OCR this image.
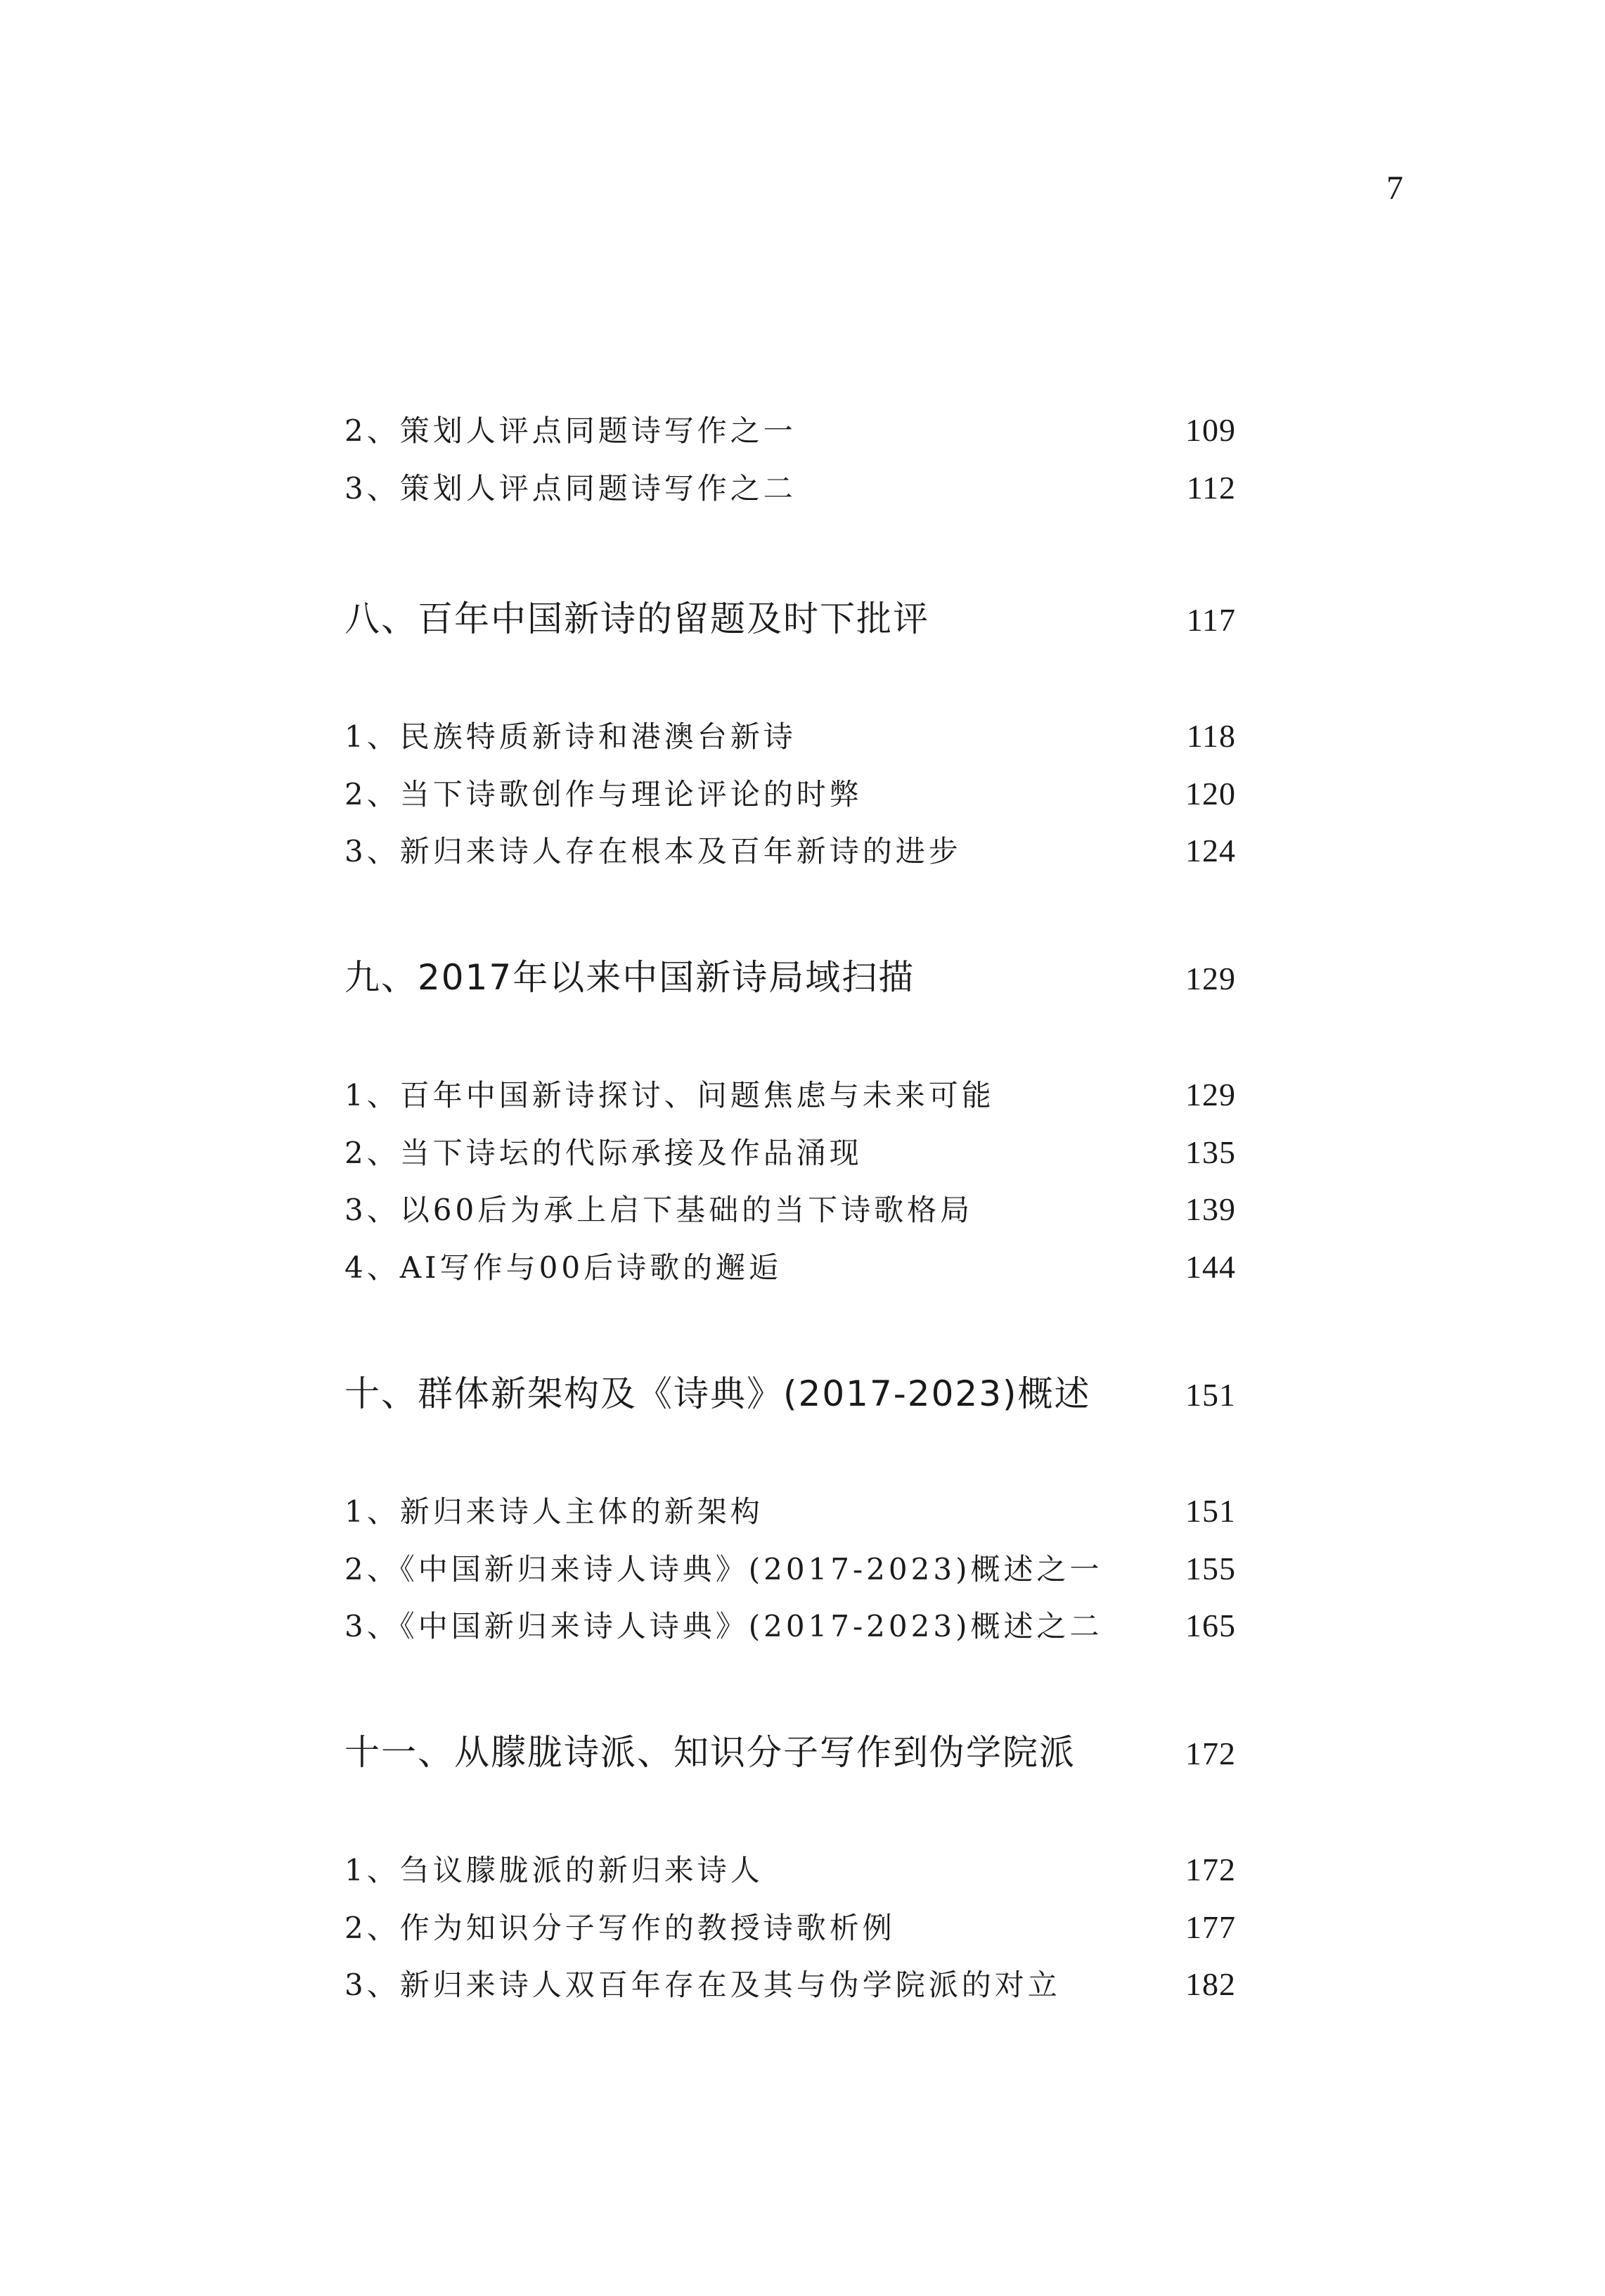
7
2、策划人评点同题诗写作之一	109
3、策划人评点同题诗写作之二	112
八、百年中国新诗的留题及时下批评	117
1、民族特质新诗和港澳台新诗	118
2、当下诗歌创作与理论评论的时弊	120
3、新归来诗人存在根本及百年新诗的进步	124
九、2017年以来中国新诗局域扫描	129
1、百年中国新诗探讨、问题焦虑与未来可能	129
2、当下诗坛的代际承接及作品涌现	135
3、以60后为承上启下基础的当下诗歌格局	139
4、AI写作与00后诗歌的邂逅	144
十、群体新架构及《诗典》(2017-2023)概述	151
1、新归来诗人主体的新架构	151
2、《中国新归来诗人诗典》(2017-2023)概述之一	155
3、《中国新归来诗人诗典》(2017-2023)概述之二	165
十一、从朦胧诗派、知识分子写作到伪学院派	172
1、刍议朦胧派的新归来诗人	172
2、作为知识分子写作的教授诗歌析例	177
3、新归来诗人双百年存在及其与伪学院派的对立	182
